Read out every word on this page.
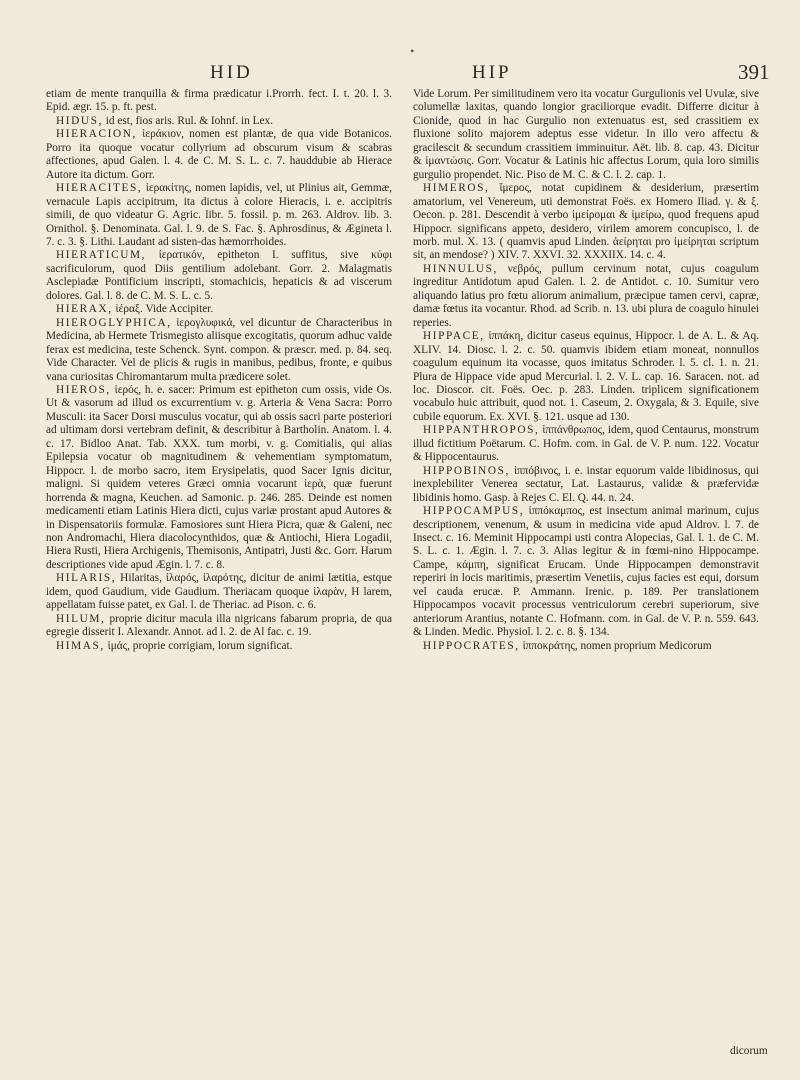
•
HID	HIP	391

etiam de mente tranquilla & firma prædicatur i.Prorrh. fect. I. t. 20. l. 3. Epid. ægr. 15. p. ft. pest.

HIDUS, id est, fios aris. Rul. & Iohnf. in Lex.

HIERACION, ἱεράκιον, nomen est plantæ, de qua vide Botanicos. Porro ita quoque vocatur collyrium ad obscurum visum & scabras affectiones, apud Galen. l. 4. de C. M. S. L. c. 7. hauddubie ab Hierace Autore ita dictum. Gorr.

HIERACITES, ἱερακίτης, nomen lapidis, vel, ut Plinius ait, Gemmæ, vernacule Lapis accipitrum, ita dictus à colore Hieracis, i. e. accipitris simili, de quo videatur G. Agric. libr. 5. fossil. p. m. 263. Aldrov. lib. 3. Ornithol. §. Denominata. Gal. l. 9. de S. Fac. §. Aphrosdinus, & Ægineta l. 7. c. 3. §. Lithi. Laudant ad sisten-das hæmorrhoides.

HIERATICUM, ἱερατικόν, epitheton I. suffitus, sive κύφι sacrificulorum, quod Diis gentilium adolebant. Gorr. 2. Malagmatis Asclepiadæ Pontificium inscripti, stomachicis, hepaticis & ad viscerum dolores. Gal. l. 8. de C. M. S. L. c. 5.

HIERAX, ἱέραξ. Vide Accipiter.

HIEROGLYPHICA, ἱερογλυφικά, vel dicuntur de Characteribus in Medicina, ab Hermete Trismegisto aliisque excogitatis, quorum adhuc valde ferax est medicina, teste Schenck. Synt. compon. & præscr. med. p. 84. seq. Vide Character. Vel de plicis & rugis in manibus, pedibus, fronte, e quibus vana curiositas Chiromantarum multa prædicere solet.

HIEROS, ἱερός, h. e. sacer: Primum est epitheton cum ossis, vide Os. Ut & vasorum ad illud os excurrentium v. g. Arteria & Vena Sacra: Porro Musculi: ita Sacer Dorsi musculus vocatur, qui ab ossis sacri parte posteriori ad ultimam dorsi vertebram definit, & describitur à Bartholin. Anatom. l. 4. c. 17. Bidloo Anat. Tab. XXX. tum morbi, v. g. Comitialis, qui alias Epilepsia vocatur ob magnitudinem & vehementiam symptomatum, Hippocr. l. de morbo sacro, item Erysipelatis, quod Sacer Ignis dicitur, maligni. Si quidem veteres Græci omnia vocarunt ἱερὰ, quæ fuerunt horrenda & magna, Keuchen. ad Samonic. p. 246. 285. Deinde est nomen medicamenti etiam Latinis Hiera dicti, cujus variæ prostant apud Autores & in Dispensatoriis formulæ. Famosiores sunt Hiera Picra, quæ & Galeni, nec non Andromachi, Hiera diacolocynthidos, quæ & Antiochi, Hiera Logadii, Hiera Rusti, Hiera Archigenis, Themisonis, Antipatri, Justi &c. Gorr. Harum descriptiones vide apud Ægin. l. 7. c. 8.

HILARIS, Hilaritas, ἱλαρός, ἱλαρότης, dicitur de animi lætitia, estque idem, quod Gaudium, vide Gaudium. Theriacam quoque ἱλαρὰν, H larem, appellatam fuisse patet, ex Gal. l. de Theriac. ad Pison. c. 6.

HILUM, proprie dicitur macula illa nigricans fabarum propria, de qua egregie disserit I. Alexandr. Annot. ad l. 2. de Al fac. c. 19.

HIMAS, ἱμάς, proprie corrigiam, lorum significat.

Vide Lorum. Per similitudinem vero ita vocatur Gurgulionis vel Uvulæ, sive columellæ laxitas, quando longior graciliorque evadit. Differre dicitur à Cionide, quod in hac Gurgulio non extenuatus est, sed crassitiem ex fluxione solito majorem adeptus esse videtur. In illo vero affectu & gracilescit & secundum crassitiem imminuitur. Aët. lib. 8. cap. 43. Dicitur & ἱμαντώσις. Gorr. Vocatur & Latinis hic affectus Lorum, quia loro similis gurgulio propendet. Nic. Piso de M. C. & C. l. 2. cap. 1.

HIMEROS, ἵμερος, notat cupidinem & desiderium, præsertim amatorium, vel Venereum, uti demonstrat Foës. ex Homero Iliad. γ. & ξ. Oecon. p. 281. Descendit à verbo ἱμείρομαι & ἱμείρω, quod frequens apud Hippocr. significans appeto, desidero, virilem amorem concupisco, l. de morb. mul. X. 13. ( quamvis apud Linden. ἀείρηται pro ἱμείρηται scriptum sit, an mendose? ) XIV. 7. XXVI. 32. XXXIIX. 14. c. 4.

HINNULUS, νεβρός, pullum cervinum notat, cujus coagulum ingreditur Antidotum apud Galen. l. 2. de Antidot. c. 10. Sumitur vero aliquando latius pro fœtu aliorum animalium, præcipue tamen cervi, capræ, damæ fœtus ita vocantur. Rhod. ad Scrib. n. 13. ubi plura de coagulo hinulei reperies.

HIPPACE, ἱππάκη, dicitur caseus equinus, Hippocr. l. de A. L. & Aq. XLIV. 14. Diosc. l. 2. c. 50. quamvis ibidem etiam moneat, nonnullos coagulum equinum ita vocasse, quos imitatus Schroder. l. 5. cl. 1. n. 21. Plura de Hippace vide apud Mercurial. l. 2. V. L. cap. 16. Saracen. not. ad loc. Dioscor. cit. Foës. Oec. p. 283. Linden. triplicem significationem vocabulo huic attribuit, quod not. 1. Caseum, 2. Oxygala, & 3. Equile, sive cubile equorum. Ex. XVI. §. 121. usque ad 130.

HIPPANTHROPOS, ἱππάνθρωπος, idem, quod Centaurus, monstrum illud fictitium Poëtarum. C. Hofm. com. in Gal. de V. P. num. 122. Vocatur & Hippocentaurus.

HIPPOBINOS, ἱππόβινος, i. e. instar equorum valde libidinosus, qui inexplebiliter Venerea sectatur, Lat. Lastaurus, validæ & præfervidæ libidinis homo. Gasp. à Rejes C. El. Q. 44. n. 24.

HIPPOCAMPUS, ἱππόκαμπος, est insectum animal marinum, cujus descriptionem, venenum, & usum in medicina vide apud Aldrov. l. 7. de Insect. c. 16. Meminit Hippocampi usti contra Alopecias, Gal. l. 1. de C. M. S. L. c. 1. Ægin. l. 7. c. 3. Alias legitur & in fœmi-nino Hippocampe. Campe, κάμπη, significat Erucam. Unde Hippocampen demonstravit reperiri in locis maritimis, præsertim Venetiis, cujus facies est equi, dorsum vel cauda erucæ. P. Ammann. Irenic. p. 189. Per translationem Hippocampos vocavit processus ventriculorum cerebri superiorum, sive anteriorum Arantius, notante C. Hofmann. com. in Gal. de V. P. n. 559. 643. & Linden. Medic. Physiol. l. 2. c. 8. §. 134.

HIPPOCRATES, ἱπποκράτης, nomen proprium Medicorum

dicorum
